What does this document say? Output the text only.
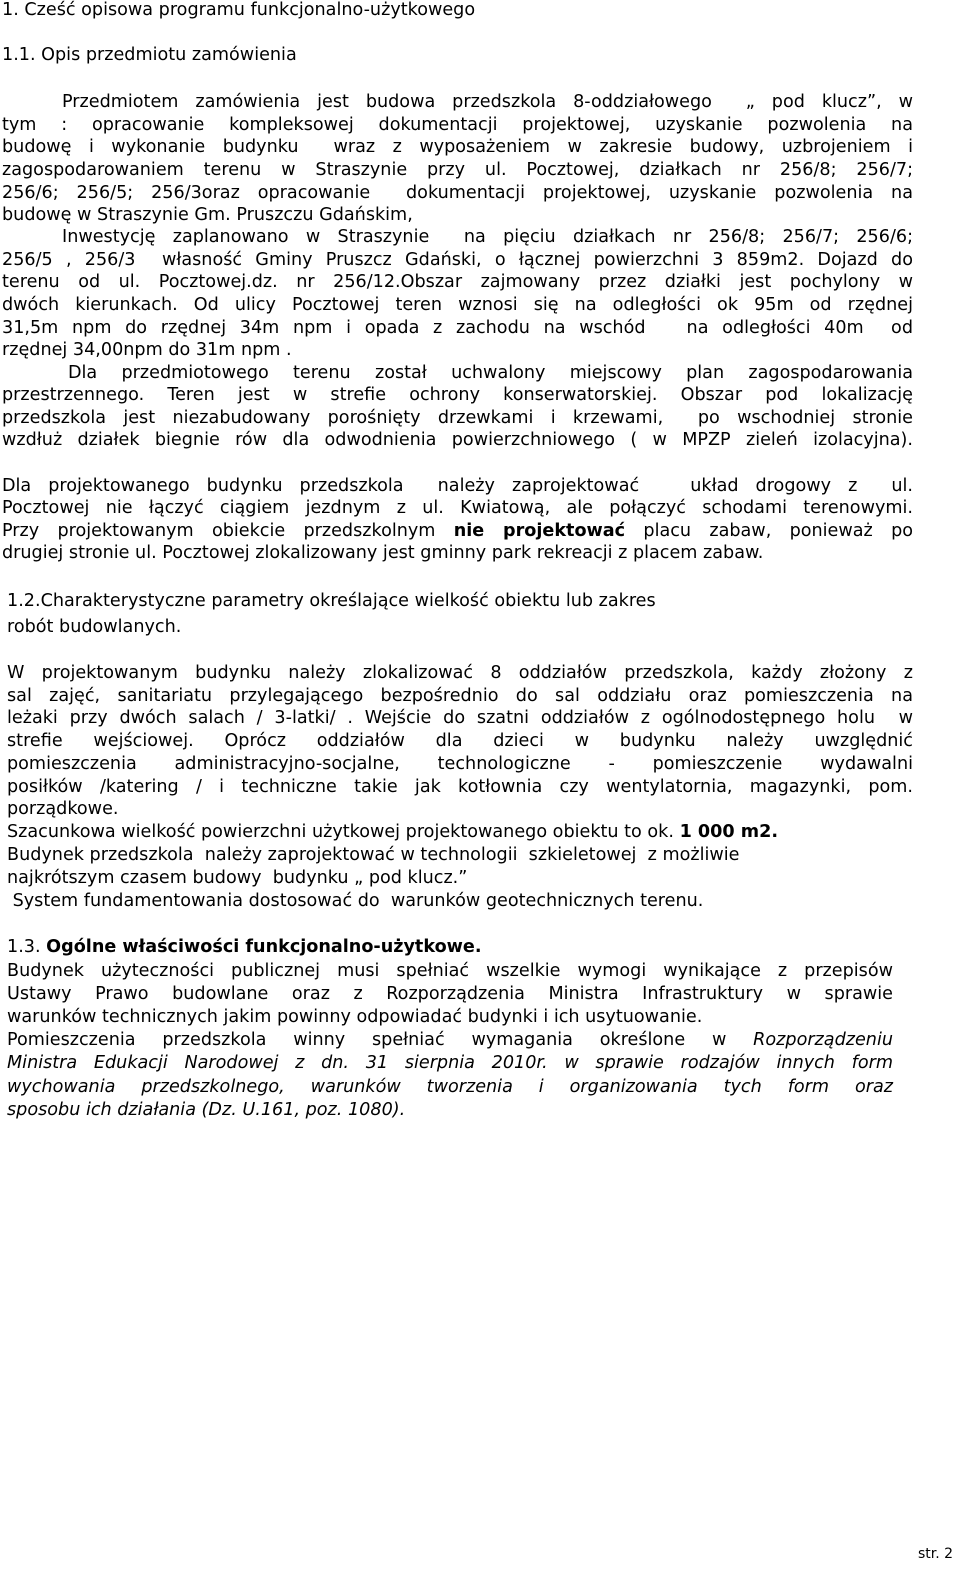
1. Cześć opisowa programu funkcjonalno-użytkowego
1.1. Opis przedmiotu zamówienia
Przedmiotem zamówienia jest budowa przedszkola 8-oddziałowego  „ pod klucz”, w
tym : opracowanie kompleksowej dokumentacji projektowej, uzyskanie pozwolenia na
budowę i wykonanie budynku  wraz z wyposażeniem w zakresie budowy, uzbrojeniem i
zagospodarowaniem terenu w Straszynie przy ul. Pocztowej, działkach nr 256/8; 256/7;
256/6; 256/5; 256/3oraz opracowanie  dokumentacji projektowej, uzyskanie pozwolenia na
budowę w Straszynie Gm. Pruszczu Gdańskim,
Inwestycję zaplanowano w Straszynie  na pięciu działkach nr 256/8; 256/7; 256/6;
256/5 , 256/3  własność Gminy Pruszcz Gdański, o łącznej powierzchni 3 859m2. Dojazd do
terenu od ul. Pocztowej.dz. nr 256/12.Obszar zajmowany przez działki jest pochylony w
dwóch kierunkach. Od ulicy Pocztowej teren wznosi się na odległości ok 95m od rzędnej
31,5m npm do rzędnej 34m npm i opada z zachodu na wschód   na odległości 40m  od
rzędnej 34,00npm do 31m npm .
Dla przedmiotowego terenu został uchwalony miejscowy plan zagospodarowania
przestrzennego. Teren jest w strefie ochrony konserwatorskiej. Obszar pod lokalizację
przedszkola jest niezabudowany porośnięty drzewkami i krzewami,  po wschodniej stronie
wzdłuż działek biegnie rów dla odwodnienia powierzchniowego ( w MPZP zieleń izolacyjna).
Dla projektowanego budynku przedszkola  należy zaprojektować   układ drogowy z  ul.
Pocztowej nie łączyć ciągiem jezdnym z ul. Kwiatową, ale połączyć schodami terenowymi.
Przy projektowanym obiekcie przedszkolnym nie projektować placu zabaw, ponieważ po
drugiej stronie ul. Pocztowej zlokalizowany jest gminny park rekreacji z placem zabaw.
1.2.Charakterystyczne parametry określające wielkość obiektu lub zakres
robót budowlanych.
W projektowanym budynku należy zlokalizować 8 oddziałów przedszkola, każdy złożony z
sal zajęć, sanitariatu przylegającego bezpośrednio do sal oddziału oraz pomieszczenia na
leżaki przy dwóch salach / 3-latki/ . Wejście do szatni oddziałów z ogólnodostępnego holu  w
strefie wejściowej. Oprócz oddziałów dla dzieci w budynku należy uwzględnić
pomieszczenia administracyjno-socjalne, technologiczne - pomieszczenie wydawalni
posiłków /katering / i techniczne takie jak kotłownia czy wentylatornia, magazynki, pom.
porządkowe.
Szacunkowa wielkość powierzchni użytkowej projektowanego obiektu to ok. 1 000 m2.
Budynek przedszkola  należy zaprojektować w technologii  szkieletowej  z możliwie
najkrótszym czasem budowy  budynku „ pod klucz.”
System fundamentowania dostosować do  warunków geotechnicznych terenu.
1.3. Ogólne właściwości funkcjonalno-użytkowe.
Budynek użyteczności publicznej musi spełniać wszelkie wymogi wynikające z przepisów
Ustawy Prawo budowlane oraz z Rozporządzenia Ministra Infrastruktury w sprawie
warunków technicznych jakim powinny odpowiadać budynki i ich usytuowanie.
Pomieszczenia przedszkola winny spełniać wymagania określone w Rozporządzeniu
Ministra Edukacji Narodowej z dn. 31 sierpnia 2010r. w sprawie rodzajów innych form
wychowania przedszkolnego, warunków tworzenia i organizowania tych form oraz
sposobu ich działania (Dz. U.161, poz. 1080).
str. 2
